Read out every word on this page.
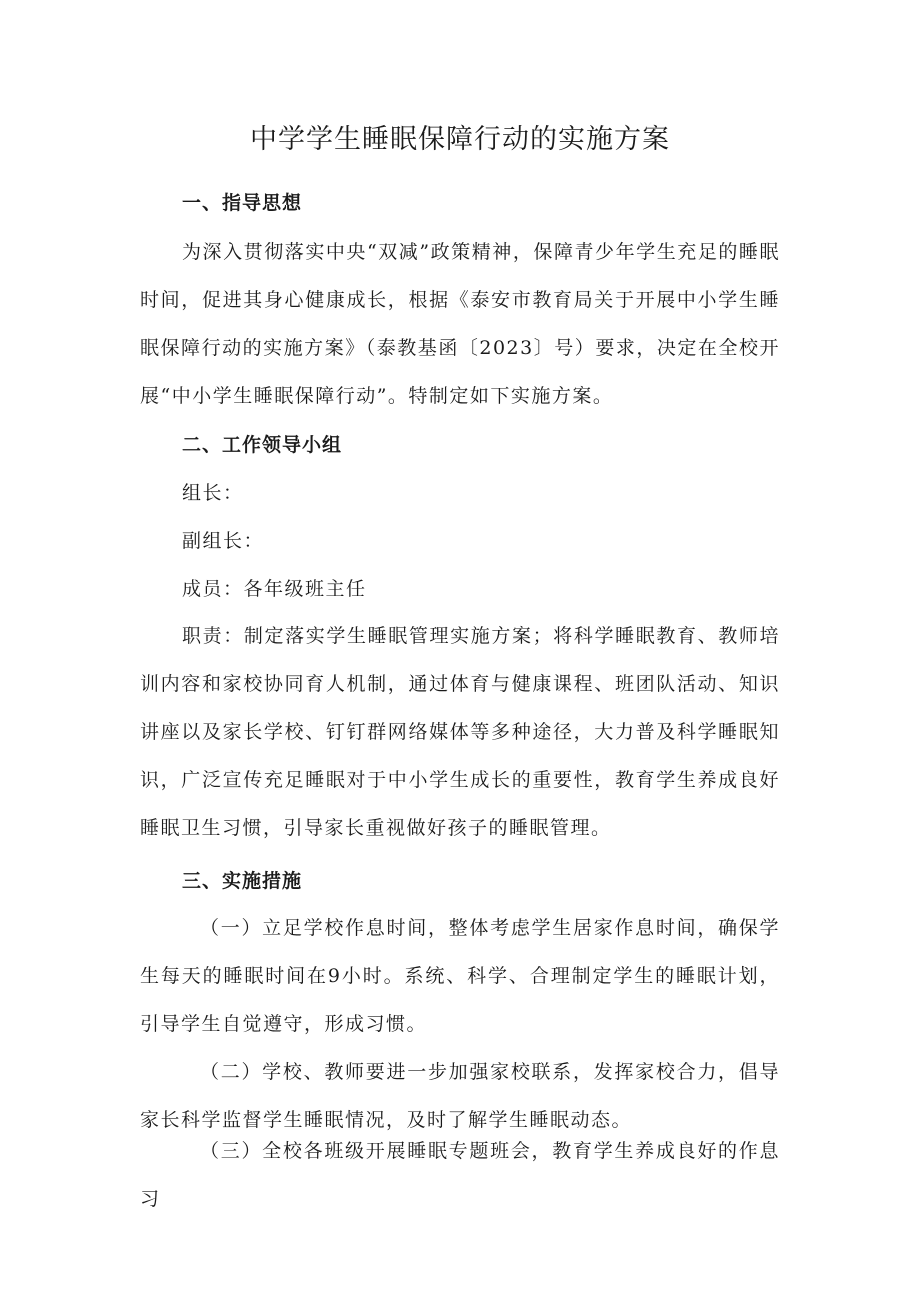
中学学生睡眠保障行动的实施方案
一、指导思想

为深入贯彻落实中央“双减”政策精神，保障青少年学生充足的睡眠时间，促进其身心健康成长，根据《泰安市教育局关于开展中小学生睡眠保障行动的实施方案》（泰教基函〔2023〕号）要求，决定在全校开展“中小学生睡眠保障行动”。特制定如下实施方案。

二、工作领导小组

组长：

副组长：

成员：各年级班主任

职责：制定落实学生睡眠管理实施方案；将科学睡眠教育、教师培训内容和家校协同育人机制，通过体育与健康课程、班团队活动、知识讲座以及家长学校、钉钉群网络媒体等多种途径，大力普及科学睡眠知识，广泛宣传充足睡眠对于中小学生成长的重要性，教育学生养成良好睡眠卫生习惯，引导家长重视做好孩子的睡眠管理。

三、实施措施

（一）立足学校作息时间，整体考虑学生居家作息时间，确保学生每天的睡眠时间在9小时。系统、科学、合理制定学生的睡眠计划，引导学生自觉遵守，形成习惯。

（二）学校、教师要进一步加强家校联系，发挥家校合力，倡导家长科学监督学生睡眠情况，及时了解学生睡眠动态。

（三）全校各班级开展睡眠专题班会，教育学生养成良好的作息习
